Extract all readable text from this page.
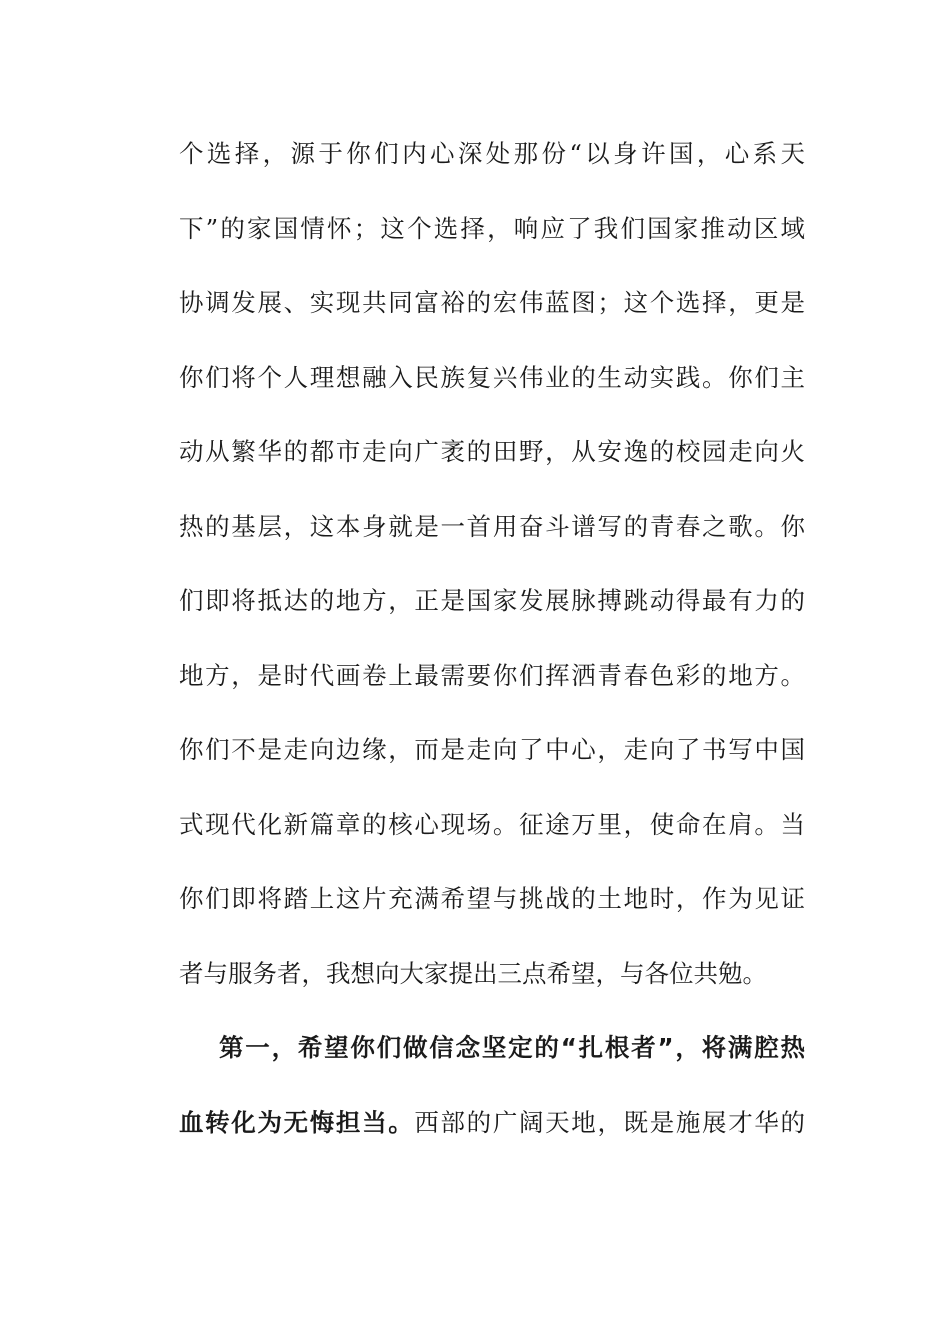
个选择，源于你们内心深处那份“以身许国，心系天
下”的家国情怀；这个选择，响应了我们国家推动区域
协调发展、实现共同富裕的宏伟蓝图；这个选择，更是
你们将个人理想融入民族复兴伟业的生动实践。你们主
动从繁华的都市走向广袤的田野，从安逸的校园走向火
热的基层，这本身就是一首用奋斗谱写的青春之歌。你
们即将抵达的地方，正是国家发展脉搏跳动得最有力的
地方，是时代画卷上最需要你们挥洒青春色彩的地方。
你们不是走向边缘，而是走向了中心，走向了书写中国
式现代化新篇章的核心现场。征途万里，使命在肩。当
你们即将踏上这片充满希望与挑战的土地时，作为见证
者与服务者，我想向大家提出三点希望，与各位共勉。
第一，希望你们做信念坚定的“扎根者”，将满腔热
血转化为无悔担当。西部的广阔天地，既是施展才华的
